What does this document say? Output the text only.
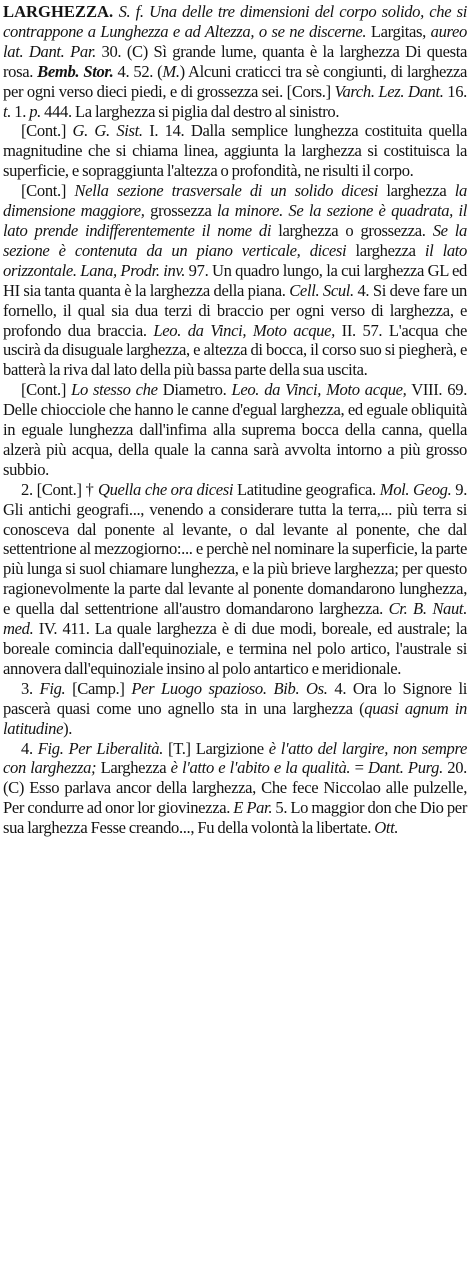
LARGHEZZA. S. f. Una delle tre dimensioni del corpo solido, che si contrappone a Lunghezza e ad Altezza, o se ne discerne. Largitas, aureo lat. Dant. Par. 30. (C) Sì grande lume, quanta è la larghezza Di questa rosa. Bemb. Stor. 4. 52. (M.) Alcuni craticci tra sè congiunti, di larghezza per ogni verso dieci piedi, e di grossezza sei. [Cors.] Varch. Lez. Dant. 16. t. 1. p. 444. La larghezza si piglia dal destro al sinistro.

[Cont.] G. G. Sist. I. 14. Dalla semplice lunghezza costituita quella magnitudine che si chiama linea, aggiunta la larghezza si costituisca la superficie, e sopraggiunta l'altezza o profondità, ne risulti il corpo.

[Cont.] Nella sezione trasversale di un solido dicesi larghezza la dimensione maggiore, grossezza la minore. Se la sezione è quadrata, il lato prende indifferentemente il nome di larghezza o grossezza. Se la sezione è contenuta da un piano verticale, dicesi larghezza il lato orizzontale. Lana, Prodr. inv. 97. Un quadro lungo, la cui larghezza GL ed HI sia tanta quanta è la larghezza della piana. Cell. Scul. 4. Si deve fare un fornello, il qual sia dua terzi di braccio per ogni verso di larghezza, e profondo dua braccia. Leo. da Vinci, Moto acque, II. 57. L'acqua che uscirà da disuguale larghezza, e altezza di bocca, il corso suo si piegherà, e batterà la riva dal lato della più bassa parte della sua uscita.

[Cont.] Lo stesso che Diametro. Leo. da Vinci, Moto acque, VIII. 69. Delle chiocciole che hanno le canne d'egual larghezza, ed eguale obliquità in eguale lunghezza dall'infima alla suprema bocca della canna, quella alzerà più acqua, della quale la canna sarà avvolta intorno a più grosso subbio.

2. [Cont.] † Quella che ora dicesi Latitudine geografica. Mol. Geog. 9. Gli antichi geografi..., venendo a considerare tutta la terra,... più terra si conosceva dal ponente al levante, o dal levante al ponente, che dal settentrione al mezzogiorno:... e perchè nel nominare la superficie, la parte più lunga si suol chiamare lunghezza, e la più brieve larghezza; per questo ragionevolmente la parte dal levante al ponente domandarono lunghezza, e quella dal settentrione all'austro domandarono larghezza. Cr. B. Naut. med. IV. 411. La quale larghezza è di due modi, boreale, ed australe; la boreale comincia dall'equinoziale, e termina nel polo artico, l'australe si annovera dall'equinoziale insino al polo antartico e meridionale.

3. Fig. [Camp.] Per Luogo spazioso. Bib. Os. 4. Ora lo Signore li pascerà quasi come uno agnello sta in una larghezza (quasi agnum in latitudine).

4. Fig. Per Liberalità. [T.] Largizione è l'atto del largire, non sempre con larghezza; Larghezza è l'atto e l'abito e la qualità. = Dant. Purg. 20. (C) Esso parlava ancor della larghezza, Che fece Niccolao alle pulzelle, Per condurre ad onor lor giovinezza. E Par. 5. Lo maggior don che Dio per sua larghezza Fesse creando..., Fu della volontà la libertate. Ott.
